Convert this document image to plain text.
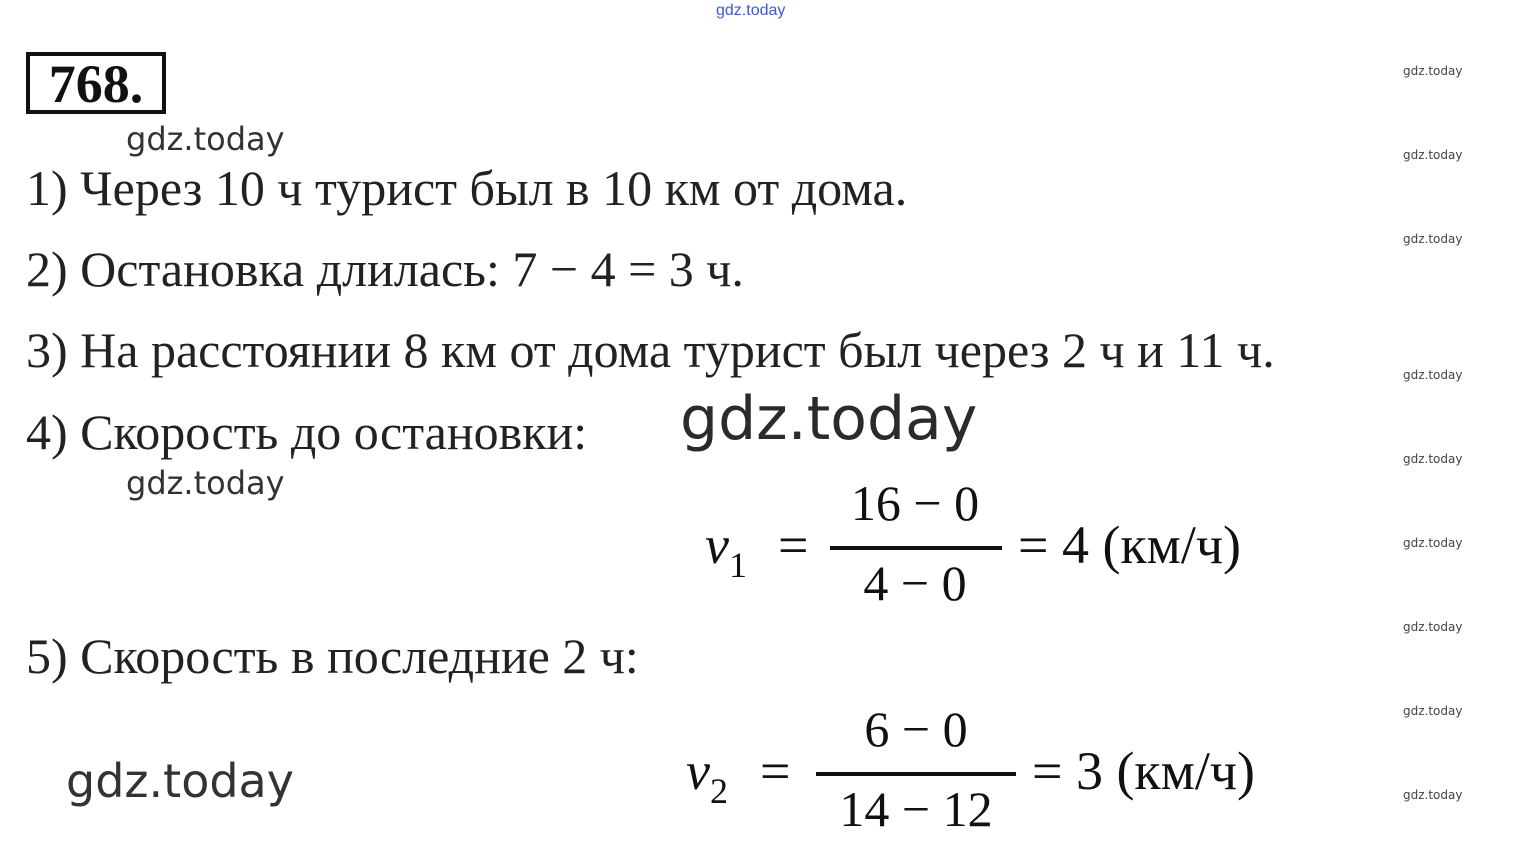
768.
1) Через 10 ч турист был в 10 км от дома.
2) Остановка длилась: 7 − 4 = 3 ч.
3) На расстоянии 8 км от дома турист был через 2 ч и 11 ч.
4) Скорость до остановки:
5) Скорость в последние 2 ч:
$v_1$ =
16 − 0
4 − 0
= 4 (км/ч)
$v_2$ =
6 − 0
14 − 12
= 3 (км/ч)
gdz.today
gdz.today
gdz.today
gdz.today
gdz.today
gdz.today
gdz.today
gdz.today
gdz.today
gdz.today
gdz.today
gdz.today
gdz.today
gdz.today
